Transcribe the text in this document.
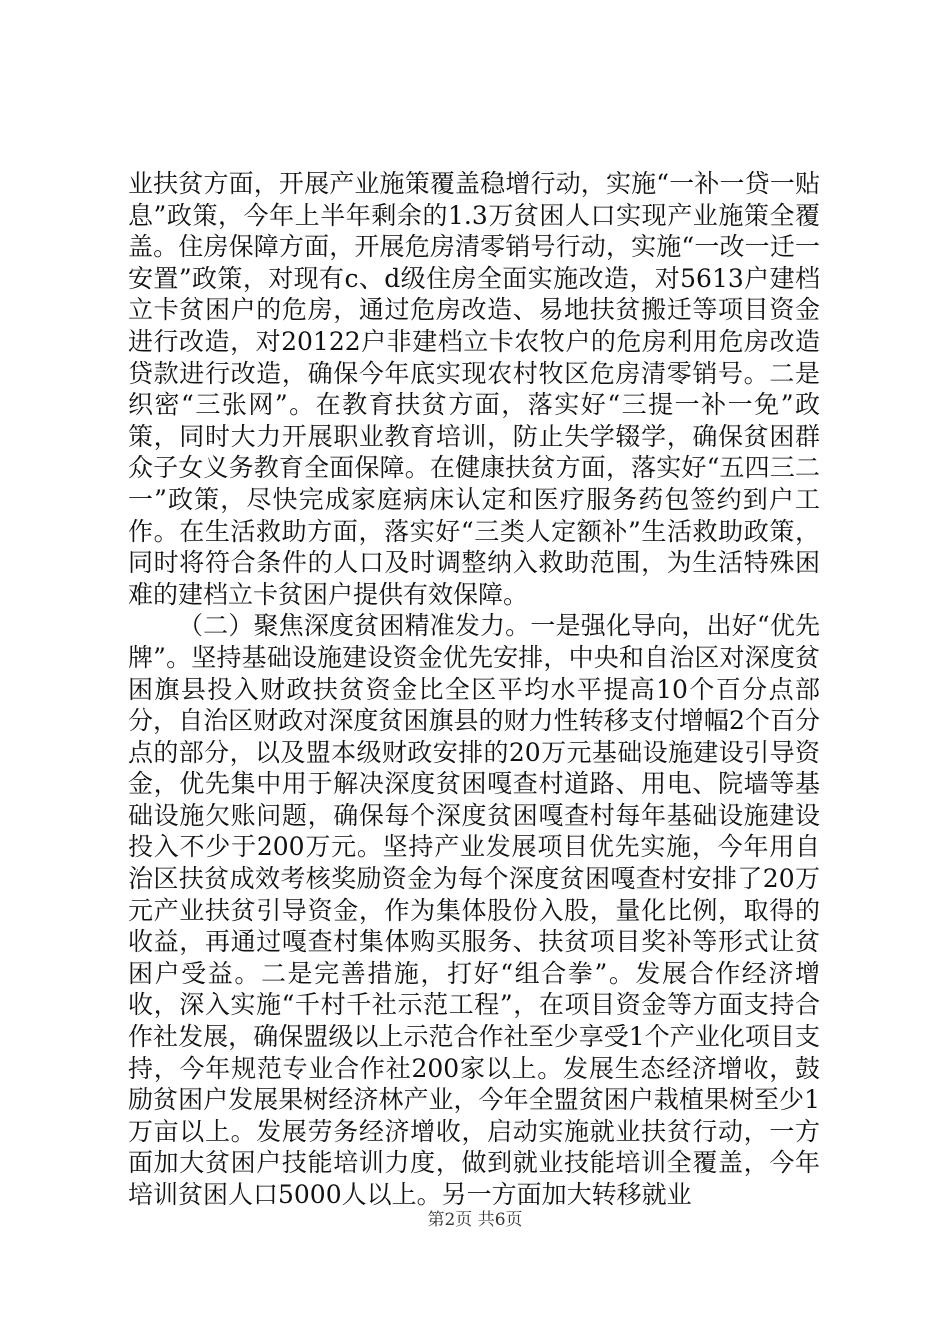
业扶贫方面，开展产业施策覆盖稳增行动，实施“一补一贷一贴息”政策，今年上半年剩余的1.3万贫困人口实现产业施策全覆盖。住房保障方面，开展危房清零销号行动，实施“一改一迁一安置”政策，对现有c、d级住房全面实施改造，对5613户建档立卡贫困户的危房，通过危房改造、易地扶贫搬迁等项目资金进行改造，对20122户非建档立卡农牧户的危房利用危房改造贷款进行改造，确保今年底实现农村牧区危房清零销号。二是织密“三张网”。在教育扶贫方面，落实好“三提一补一免”政策，同时大力开展职业教育培训，防止失学辍学，确保贫困群众子女义务教育全面保障。在健康扶贫方面，落实好“五四三二一”政策，尽快完成家庭病床认定和医疗服务药包签约到户工作。在生活救助方面，落实好“三类人定额补”生活救助政策，同时将符合条件的人口及时调整纳入救助范围，为生活特殊困难的建档立卡贫困户提供有效保障。

（二）聚焦深度贫困精准发力。一是强化导向，出好“优先牌”。坚持基础设施建设资金优先安排，中央和自治区对深度贫困旗县投入财政扶贫资金比全区平均水平提高10个百分点部分，自治区财政对深度贫困旗县的财力性转移支付增幅2个百分点的部分，以及盟本级财政安排的20万元基础设施建设引导资金，优先集中用于解决深度贫困嘎查村道路、用电、院墙等基础设施欠账问题，确保每个深度贫困嘎查村每年基础设施建设投入不少于200万元。坚持产业发展项目优先实施，今年用自治区扶贫成效考核奖励资金为每个深度贫困嘎查村安排了20万元产业扶贫引导资金，作为集体股份入股，量化比例，取得的收益，再通过嘎查村集体购买服务、扶贫项目奖补等形式让贫困户受益。二是完善措施，打好“组合拳”。发展合作经济增收，深入实施“千村千社示范工程”，在项目资金等方面支持合作社发展，确保盟级以上示范合作社至少享受1个产业化项目支持，今年规范专业合作社200家以上。发展生态经济增收，鼓励贫困户发展果树经济林产业，今年全盟贫困户栽植果树至少1万亩以上。发展劳务经济增收，启动实施就业扶贫行动，一方面加大贫困户技能培训力度，做到就业技能培训全覆盖，今年培训贫困人口5000人以上。另一方面加大转移就业

第2页 共6页
